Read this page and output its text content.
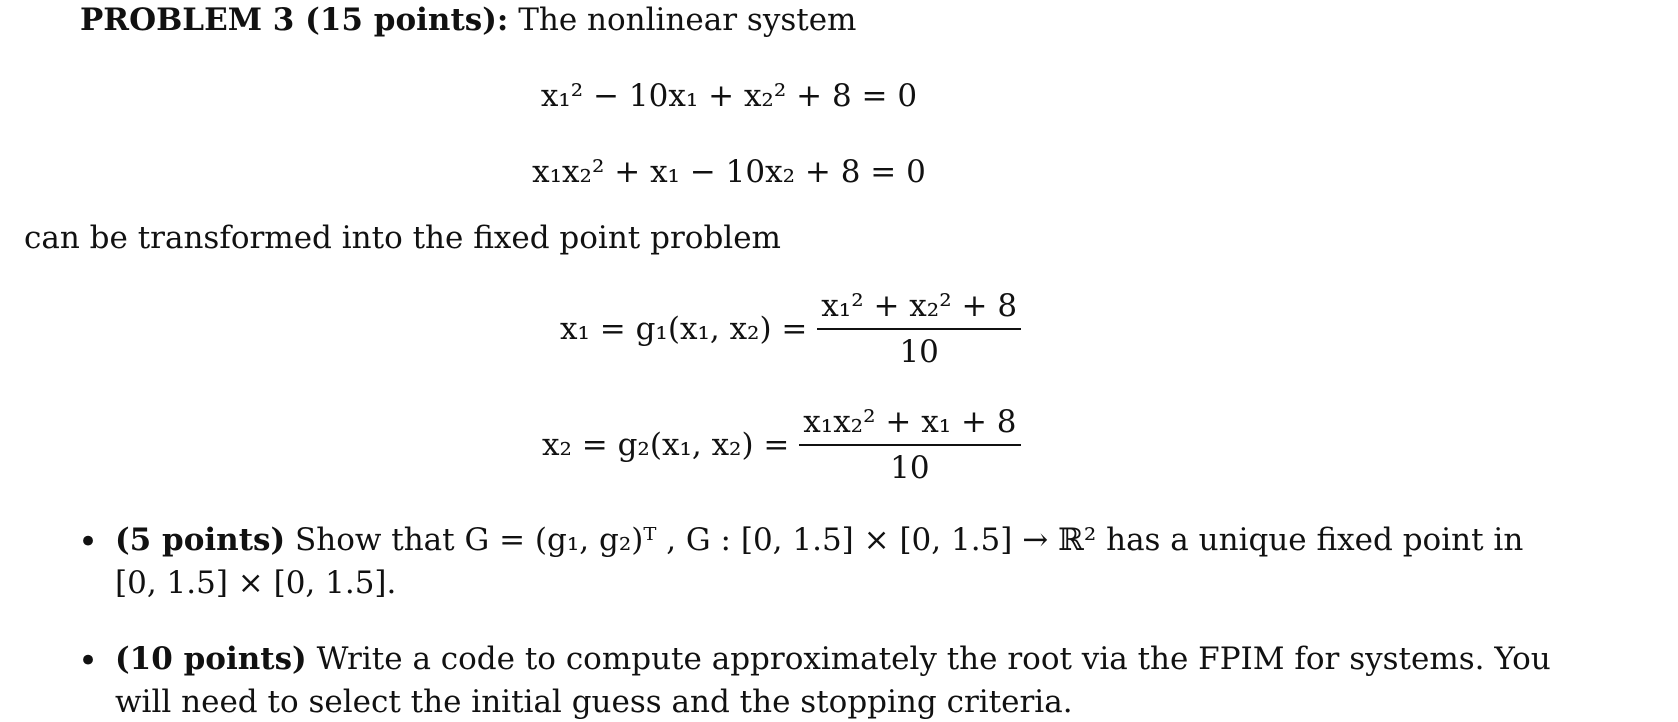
PROBLEM 3 (15 points): The nonlinear system
x₁² − 10x₁ + x₂² + 8 = 0
x₁x₂² + x₁ − 10x₂ + 8 = 0
can be transformed into the fixed point problem
x₁ = g₁(x₁, $x_2) = \frac{\text{x₁² + x₂² + 8}}{10}$
x₂ = g₂(x₁, $x_2) = \frac{\text{x₁x₂² + x₁ + 8}}{10}$
• (5 points) Show that G = (g₁, g₂)ᵀ , G : [0, 1.5] × [0, 1.5] → ℝ² has a unique fixed point in
[0, 1.5] × [0, 1.5].
• (10 points) Write a code to compute approximately the root via the FPIM for systems. You
will need to select the initial guess and the stopping criteria.
